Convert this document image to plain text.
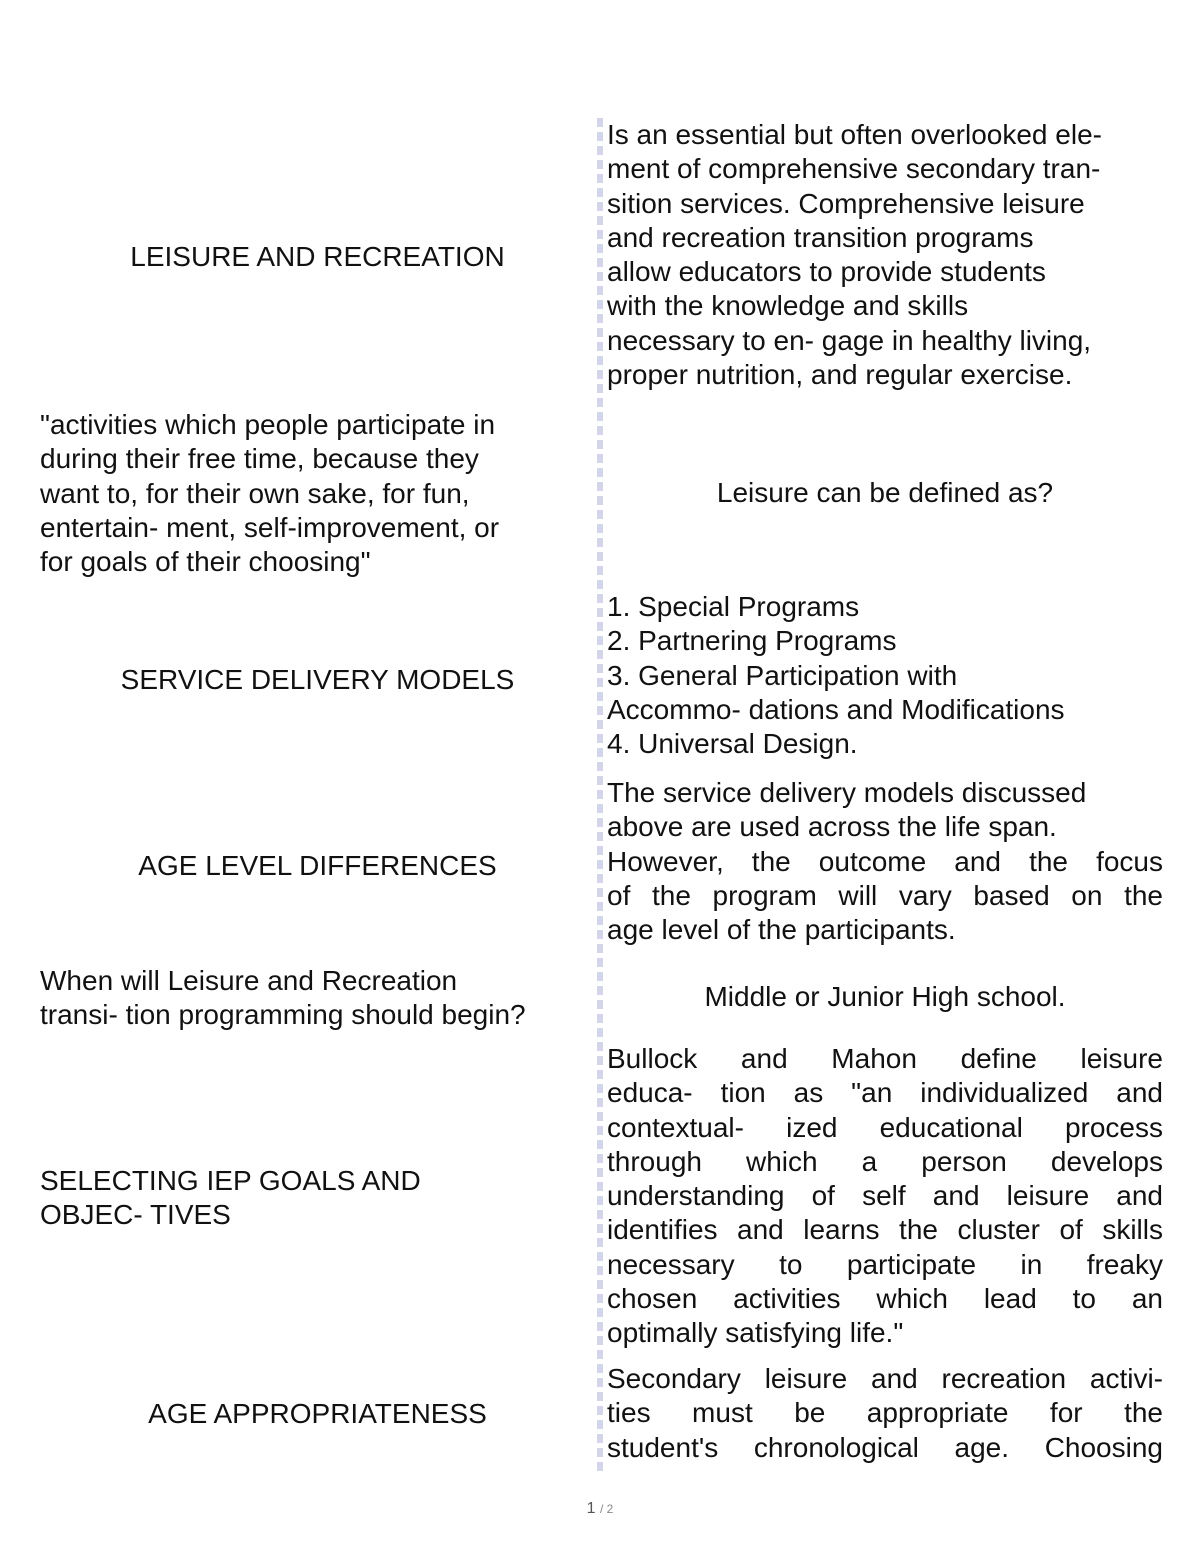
LEISURE AND RECREATION
Is an essential but often overlooked ele-
ment of comprehensive secondary tran-
sition services. Comprehensive leisure
and recreation transition programs
allow educators to provide students
with the knowledge and skills
necessary to en- gage in healthy living,
proper nutrition, and regular exercise.
"activities which people participate in
during their free time, because they
want to, for their own sake, for fun,
entertain- ment, self-improvement, or
for goals of their choosing"
Leisure can be defined as?
SERVICE DELIVERY MODELS
1. Special Programs
2. Partnering Programs
3. General Participation with
Accommo- dations and Modifications
4. Universal Design.
AGE LEVEL DIFFERENCES
The service delivery models discussed
above are used across the life span.
However, the outcome and the focus
of the program will vary based on the
age level of the participants.
When will Leisure and Recreation
transi- tion programming should begin?
Middle or Junior High school.
SELECTING IEP GOALS AND
OBJEC- TIVES
Bullock and Mahon define leisure
educa- tion as "an individualized and
contextual- ized educational process
through which a person develops
understanding of self and leisure and
identifies and learns the cluster of skills
necessary to participate in freaky
chosen activities which lead to an
optimally satisfying life."
AGE APPROPRIATENESS
Secondary leisure and recreation activi-
ties must be appropriate for the
student's chronological age. Choosing
1 / 2
